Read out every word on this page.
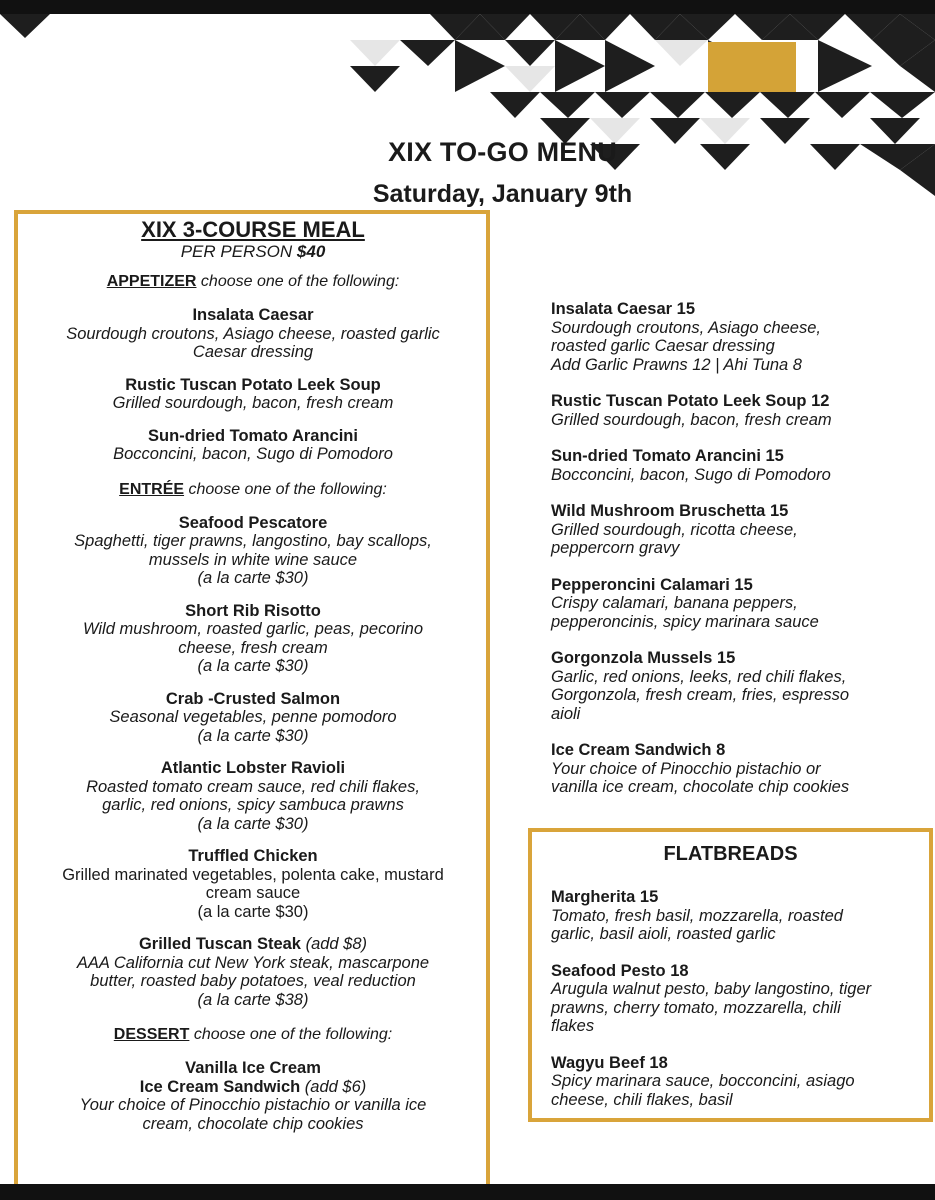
XIX TO-GO MENU
Saturday, January 9th
XIX 3-COURSE MEAL
PER PERSON $40
APPETIZER choose one of the following:
Insalata Caesar
Sourdough croutons, Asiago cheese, roasted garlic
Caesar dressing
Rustic Tuscan Potato Leek Soup
Grilled sourdough, bacon, fresh cream
Sun-dried Tomato Arancini
Bocconcini, bacon, Sugo di Pomodoro
ENTRÉE choose one of the following:
Seafood Pescatore
Spaghetti, tiger prawns, langostino, bay scallops,
mussels in white wine sauce
(a la carte $30)
Short Rib Risotto
Wild mushroom, roasted garlic, peas, pecorino
cheese, fresh cream
(a la carte $30)
Crab -Crusted Salmon
Seasonal vegetables, penne pomodoro
(a la carte $30)
Atlantic Lobster Ravioli
Roasted tomato cream sauce, red chili flakes,
garlic, red onions, spicy sambuca prawns
(a la carte $30)
Truffled Chicken
Grilled marinated vegetables, polenta cake, mustard
cream sauce
(a la carte $30)
Grilled Tuscan Steak (add $8)
AAA California cut New York steak, mascarpone
butter, roasted baby potatoes, veal reduction
(a la carte $38)
DESSERT choose one of the following:
Vanilla Ice Cream
Ice Cream Sandwich (add $6)
Your choice of Pinocchio pistachio or vanilla ice
cream, chocolate chip cookies
Insalata Caesar 15
Sourdough croutons, Asiago cheese,
roasted garlic Caesar dressing
Add Garlic Prawns 12 | Ahi Tuna 8
Rustic Tuscan Potato Leek Soup 12
Grilled sourdough, bacon, fresh cream
Sun-dried Tomato Arancini 15
Bocconcini, bacon, Sugo di Pomodoro
Wild Mushroom Bruschetta 15
Grilled sourdough, ricotta cheese,
peppercorn gravy
Pepperoncini Calamari 15
Crispy calamari, banana peppers,
pepperoncinis, spicy marinara sauce
Gorgonzola Mussels 15
Garlic, red onions, leeks, red chili flakes,
Gorgonzola, fresh cream, fries, espresso
aioli
Ice Cream Sandwich 8
Your choice of Pinocchio pistachio or
vanilla ice cream, chocolate chip cookies
FLATBREADS
Margherita 15
Tomato, fresh basil, mozzarella, roasted
garlic, basil aioli, roasted garlic
Seafood Pesto 18
Arugula walnut pesto, baby langostino, tiger
prawns, cherry tomato, mozzarella, chili
flakes
Wagyu Beef 18
Spicy marinara sauce, bocconcini, asiago
cheese, chili flakes, basil
